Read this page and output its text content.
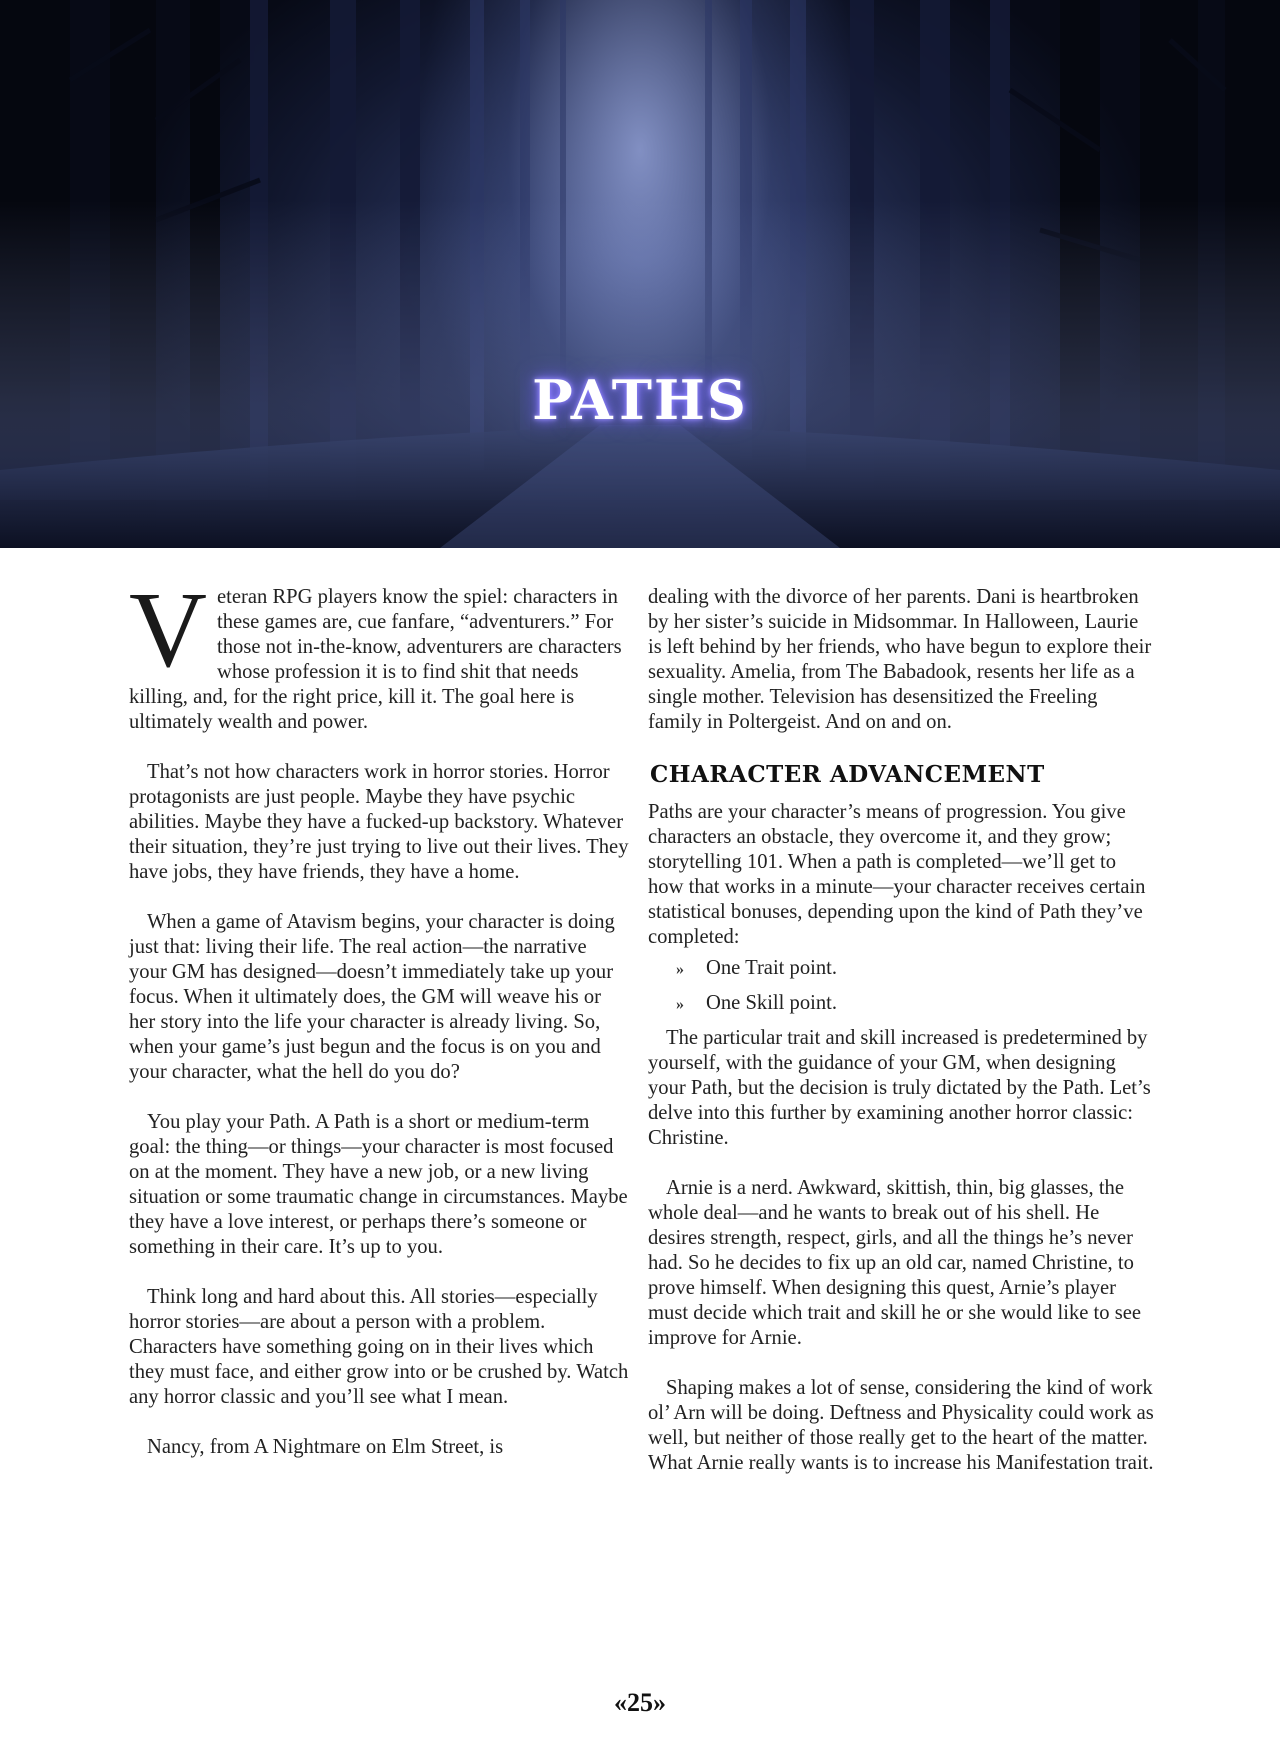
PATHS

Veteran RPG players know the spiel: characters in these games are, cue fanfare, “adventurers.” For those not in-the-know, adventurers are characters whose profession it is to find shit that needs killing, and, for the right price, kill it. The goal here is ultimately wealth and power.

That’s not how characters work in horror stories. Horror protagonists are just people. Maybe they have psychic abilities. Maybe they have a fucked-up backstory. Whatever their situation, they’re just trying to live out their lives. They have jobs, they have friends, they have a home.

When a game of Atavism begins, your character is doing just that: living their life. The real action—the narrative your GM has designed—doesn’t immediately take up your focus. When it ultimately does, the GM will weave his or her story into the life your character is already living. So, when your game’s just begun and the focus is on you and your character, what the hell do you do?

You play your Path. A Path is a short or medium-term goal: the thing—or things—your character is most focused on at the moment. They have a new job, or a new living situation or some traumatic change in circumstances. Maybe they have a love interest, or perhaps there’s someone or something in their care. It’s up to you.

Think long and hard about this. All stories—especially horror stories—are about a person with a problem. Characters have something going on in their lives which they must face, and either grow into or be crushed by. Watch any horror classic and you’ll see what I mean.

Nancy, from A Nightmare on Elm Street, is

dealing with the divorce of her parents. Dani is heartbroken by her sister’s suicide in Midsommar. In Halloween, Laurie is left behind by her friends, who have begun to explore their sexuality. Amelia, from The Babadook, resents her life as a single mother. Television has desensitized the Freeling family in Poltergeist. And on and on.

CHARACTER ADVANCEMENT

Paths are your character’s means of progression. You give characters an obstacle, they overcome it, and they grow; storytelling 101. When a path is completed—we’ll get to how that works in a minute—your character receives certain statistical bonuses, depending upon the kind of Path they’ve completed:

» One Trait point.
» One Skill point.

The particular trait and skill increased is predetermined by yourself, with the guidance of your GM, when designing your Path, but the decision is truly dictated by the Path. Let’s delve into this further by examining another horror classic: Christine.

Arnie is a nerd. Awkward, skittish, thin, big glasses, the whole deal—and he wants to break out of his shell. He desires strength, respect, girls, and all the things he’s never had. So he decides to fix up an old car, named Christine, to prove himself. When designing this quest, Arnie’s player must decide which trait and skill he or she would like to see improve for Arnie.

Shaping makes a lot of sense, considering the kind of work ol’ Arn will be doing. Deftness and Physicality could work as well, but neither of those really get to the heart of the matter. What Arnie really wants is to increase his Manifestation trait.

«25»
